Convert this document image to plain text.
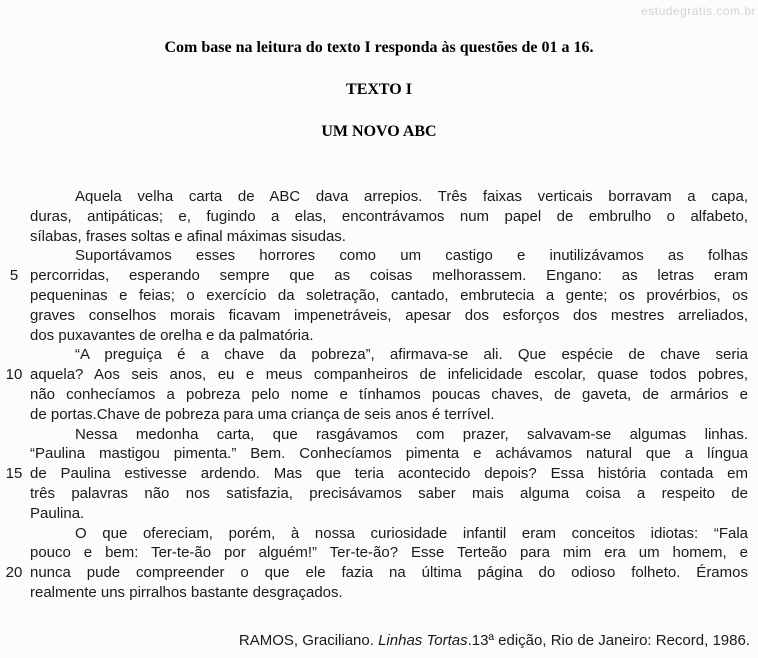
estudegratis.com.br
Com base na leitura do texto I responda às questões de 01 a 16.
TEXTO I
UM NOVO ABC
Aquela velha carta de ABC dava arrepios. Três faixas verticais borravam a capa,
duras, antipáticas; e, fugindo a elas, encontrávamos num papel de embrulho o alfabeto,
sílabas, frases soltas e afinal máximas sisudas.
Suportávamos esses horrores como um castigo e inutilizávamos as folhas
5 percorridas, esperando sempre que as coisas melhorassem. Engano: as letras eram
pequeninas e feias; o exercício da soletração, cantado, embrutecia a gente; os provérbios, os
graves conselhos morais ficavam impenetráveis, apesar dos esforços dos mestres arreliados,
dos puxavantes de orelha e da palmatória.
“A preguiça é a chave da pobreza”, afirmava-se ali. Que espécie de chave seria
10 aquela? Aos seis anos, eu e meus companheiros de infelicidade escolar, quase todos pobres,
não conhecíamos a pobreza pelo nome e tínhamos poucas chaves, de gaveta, de armários e
de portas.Chave de pobreza para uma criança de seis anos é terrível.
Nessa medonha carta, que rasgávamos com prazer, salvavam-se algumas linhas.
“Paulina mastigou pimenta.” Bem. Conhecíamos pimenta e achávamos natural que a língua
15 de Paulina estivesse ardendo. Mas que teria acontecido depois? Essa história contada em
três palavras não nos satisfazia, precisávamos saber mais alguma coisa a respeito de
Paulina.
O que ofereciam, porém, à nossa curiosidade infantil eram conceitos idiotas: “Fala
pouco e bem: Ter-te-ão por alguém!” Ter-te-ão? Esse Terteão para mim era um homem, e
20 nunca pude compreender o que ele fazia na última página do odioso folheto. Éramos
realmente uns pirralhos bastante desgraçados.
RAMOS, Graciliano. Linhas Tortas.13ª edição, Rio de Janeiro: Record, 1986.
